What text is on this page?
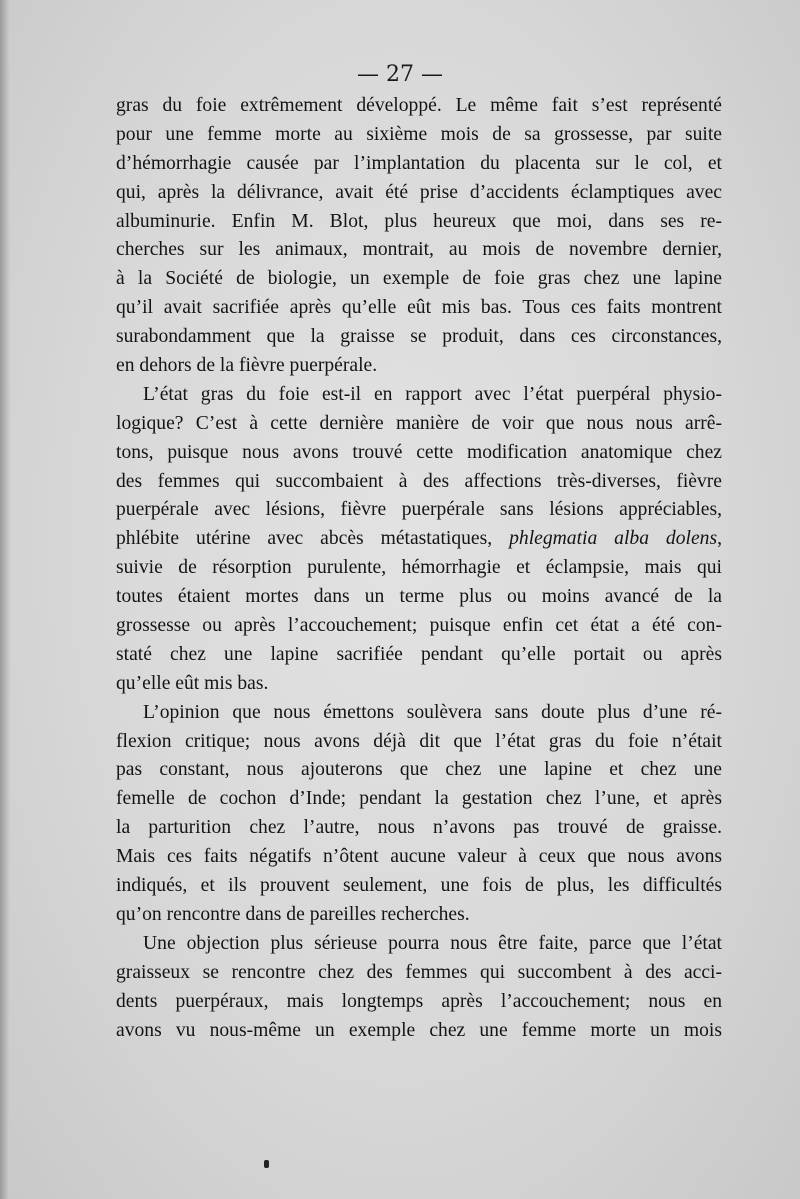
— 27 —

gras du foie extrêmement développé. Le même fait s’est représenté
pour une femme morte au sixième mois de sa grossesse, par suite
d’hémorrhagie causée par l’implantation du placenta sur le col, et
qui, après la délivrance, avait été prise d’accidents éclamptiques avec
albuminurie. Enfin M. Blot, plus heureux que moi, dans ses re-
cherches sur les animaux, montrait, au mois de novembre dernier,
à la Société de biologie, un exemple de foie gras chez une lapine
qu’il avait sacrifiée après qu’elle eût mis bas. Tous ces faits montrent
surabondamment que la graisse se produit, dans ces circonstances,
en dehors de la fièvre puerpérale.
L’état gras du foie est-il en rapport avec l’état puerpéral physio-
logique? C’est à cette dernière manière de voir que nous nous arrê-
tons, puisque nous avons trouvé cette modification anatomique chez
des femmes qui succombaient à des affections très-diverses, fièvre
puerpérale avec lésions, fièvre puerpérale sans lésions appréciables,
phlébite utérine avec abcès métastatiques, phlegmatia alba dolens,
suivie de résorption purulente, hémorrhagie et éclampsie, mais qui
toutes étaient mortes dans un terme plus ou moins avancé de la
grossesse ou après l’accouchement; puisque enfin cet état a été con-
staté chez une lapine sacrifiée pendant qu’elle portait ou après
qu’elle eût mis bas.
L’opinion que nous émettons soulèvera sans doute plus d’une ré-
flexion critique; nous avons déjà dit que l’état gras du foie n’était
pas constant, nous ajouterons que chez une lapine et chez une
femelle de cochon d’Inde; pendant la gestation chez l’une, et après
la parturition chez l’autre, nous n’avons pas trouvé de graisse.
Mais ces faits négatifs n’ôtent aucune valeur à ceux que nous avons
indiqués, et ils prouvent seulement, une fois de plus, les difficultés
qu’on rencontre dans de pareilles recherches.
Une objection plus sérieuse pourra nous être faite, parce que l’état
graisseux se rencontre chez des femmes qui succombent à des acci-
dents puerpéraux, mais longtemps après l’accouchement; nous en
avons vu nous-même un exemple chez une femme morte un mois
